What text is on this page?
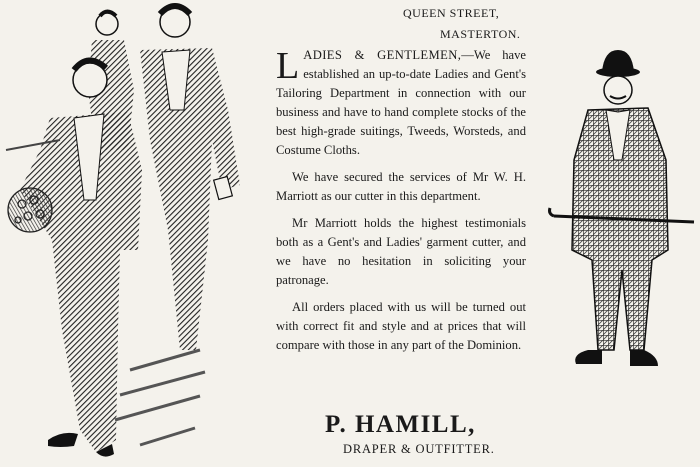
QUEEN STREET,
MASTERTON.

LADIES & GENTLEMEN,—We have established an up-to-date Ladies and Gent's Tailoring Department in connection with our business and have to hand complete stocks of the best high-grade suitings, Tweeds, Worsteds, and Costume Cloths.

We have secured the services of Mr W. H. Marriott as our cutter in this department.

Mr Marriott holds the highest testimonials both as a Gent's and Ladies' garment cutter, and we have no hesitation in soliciting your patronage.

All orders placed with us will be turned out with correct fit and style and at prices that will compare with those in any part of the Dominion.

P. HAMILL,
DRAPER & OUTFITTER.
